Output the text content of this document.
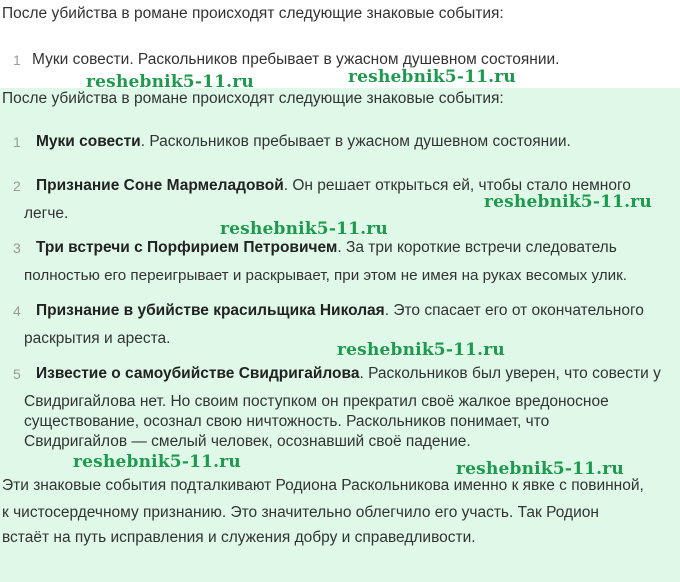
После убийства в романе происходят следующие знаковые события:
1 Муки совести. Раскольников пребывает в ужасном душевном состоянии.
После убийства в романе происходят следующие знаковые события:
1 Муки совести. Раскольников пребывает в ужасном душевном состоянии.
2 Признание Соне Мармеладовой. Он решает открыться ей, чтобы стало немного
легче.
3 Три встречи с Порфирием Петровичем. За три короткие встречи следователь
полностью его переигрывает и раскрывает, при этом не имея на руках весомых улик.
4 Признание в убийстве красильщика Николая. Это спасает его от окончательного
раскрытия и ареста.
5 Известие о самоубийстве Свидригайлова. Раскольников был уверен, что совести у
Свидригайлова нет. Но своим поступком он прекратил своё жалкое вредоносное
существование, осознал свою ничтожность. Раскольников понимает, что
Свидригайлов — смелый человек, осознавший своё падение.
Эти знаковые события подталкивают Родиона Раскольникова именно к явке с повинной,
к чистосердечному признанию. Это значительно облегчило его участь. Так Родион
встаёт на путь исправления и служения добру и справедливости.
reshebnik5-11.ru	reshebnik5-11.ru
reshebnik5-11.ru
reshebnik5-11.ru
reshebnik5-11.ru
reshebnik5-11.ru	reshebnik5-11.ru
